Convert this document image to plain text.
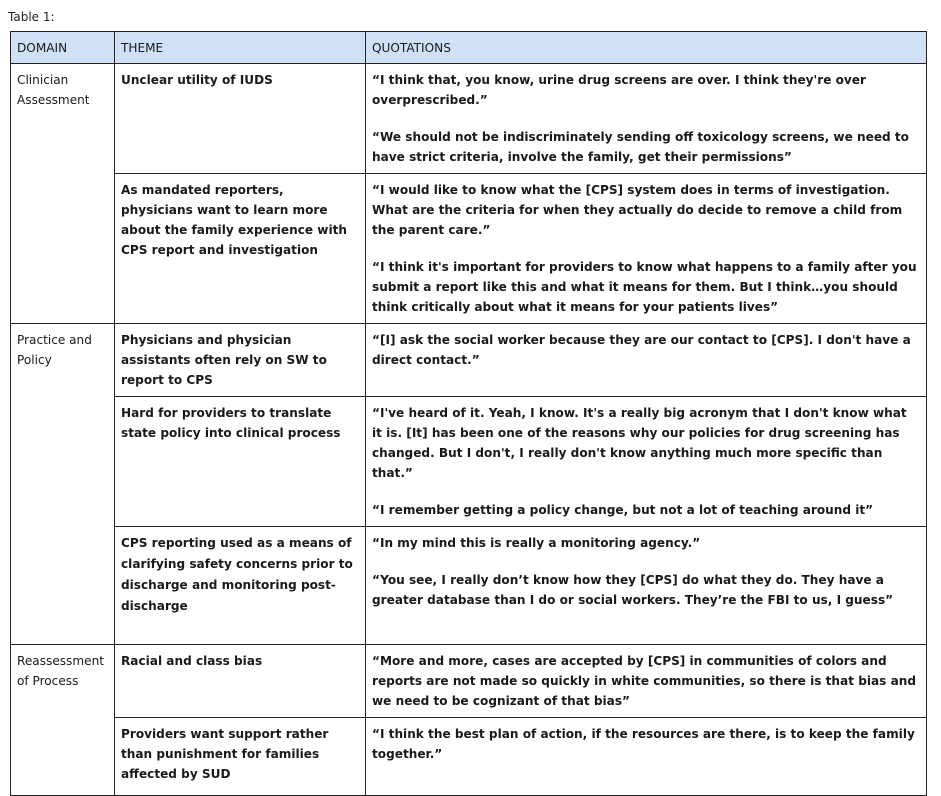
Table 1:
DOMAIN	THEME	QUOTATIONS
Clinician Assessment	Unclear utility of IUDS	“I think that, you know, urine drug screens are over. I think they're over overprescribed.”

“We should not be indiscriminately sending off toxicology screens, we need to have strict criteria, involve the family, get their permissions”

	As mandated reporters, physicians want to learn more about the family experience with CPS report and investigation	“I would like to know what the [CPS] system does in terms of investigation. What are the criteria for when they actually do decide to remove a child from the parent care.”

“I think it's important for providers to know what happens to a family after you submit a report like this and what it means for them. But I think…you should think critically about what it means for your patients lives”

Practice and Policy	Physicians and physician assistants often rely on SW to report to CPS	“[I] ask the social worker because they are our contact to [CPS]. I don't have a direct contact.”

	Hard for providers to translate state policy into clinical process	“I've heard of it. Yeah, I know. It's a really big acronym that I don't know what it is. [It] has been one of the reasons why our policies for drug screening has changed. But I don't, I really don't know anything much more specific than that.”

“I remember getting a policy change, but not a lot of teaching around it”

	CPS reporting used as a means of clarifying safety concerns prior to discharge and monitoring post-discharge	“In my mind this is really a monitoring agency.”

“You see, I really don’t know how they [CPS] do what they do. They have a greater database than I do or social workers. They’re the FBI to us, I guess”

Reassessment of Process	Racial and class bias	“More and more, cases are accepted by [CPS] in communities of colors and reports are not made so quickly in white communities, so there is that bias and we need to be cognizant of that bias”

	Providers want support rather than punishment for families affected by SUD	“I think the best plan of action, if the resources are there, is to keep the family together.”
